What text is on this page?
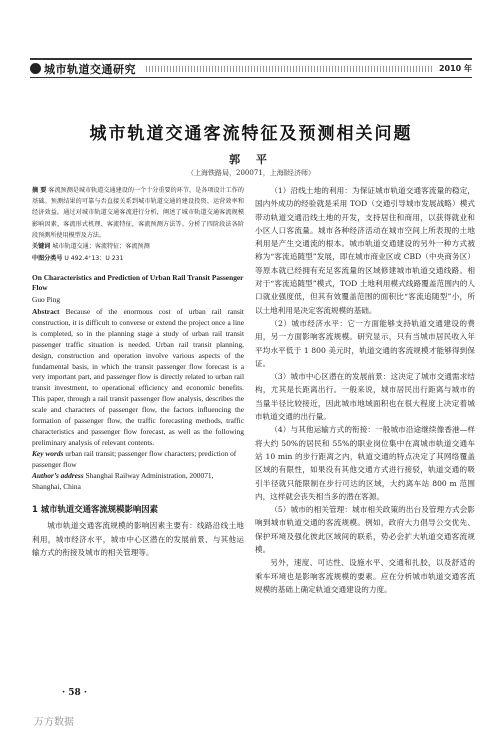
城市轨道交通研究	2010 年
城市轨道交通客流特征及预测相关问题
郭 平
（上海铁路局，200071，上海∥经济师）
摘 要 客流预测是城市轨道交通建设的一个十分重要的环节，是各项设计工作的基础。预测结果的可靠与否直接关系到城市轨道交通的建设投资、运营效率和经济效益。通过对城市轨道交通客流进行分析，阐述了城市轨道交通客流规模影响因素、客流形式机理、客流特征，客流预测方法等。分析了四阶段法各阶段预测所使用模型及方法。
关键词 城市轨道交通；客流特征；客流预测
中图分类号 U 492.4⁺13；U 231
On Characteristics and Prediction of Urban Rail Transit Passenger Flow
Guo Ping
Abstract Because of the enormous cost of urban rail ransit construction, it is difficult to converse or extend the project once a line is completed, so in the planning stage a study of urban rail transit passenger traffic situation is needed. Urban rail transit planning, design, construction and operation involve various aspects of the fundamental basis, in which the transit passenger flow forecast is a very important part, and passenger flow is directly related to urban rail transit investment, to operational efficiency and economic benefits. This paper, through a rail transit passenger flow analysis, describes the scale and characters of passenger flow, the factors influencing the formation of passenger flow, the traffic forecasting methods, traffic characteristics and passenger flow forecast, as well as the following preliminary analysis of relevant contents.
Key words urban rail transit; passenger flow characters; prediction of passenger flow
Author’s address Shanghai Railway Administration, 200071, Shanghai, China
1 城市轨道交通客流规模影响因素
城市轨道交通客流规模的影响因素主要有：线路沿线土地利用，城市经济水平，城市中心区潜在的发展前景、与其他运输方式的衔接及城市的相关管理等。

（1）沿线土地的利用：为保证城市轨道交通客流量的稳定，国内外成功的经验就是采用 TOD（交通引导城市发展战略）模式带动轨道交通沿线土地的开发，支持居住和商用，以获得就业和小区人口客流量。城市各种经济活动在城市空间上所表现的土地利用是产生交通流的根本。城市轨道交通建设的另外一种方式被称为“客流追随型”发展，即在城市商业区或 CBD（中央商务区）等原本就已经拥有充足客流量的区域修建城市轨道交通线路。相对于“客流追随型”模式，TOD 土地利用模式线路覆盖范围内的人口就业强度低，但其有效覆盖范围的面积比“客流追随型”小，所以土地利用是决定客流规模的基础。

（2）城市经济水平：它一方面能够支持轨道交通建设的费用，另一方面影响客流规模。研究显示，只有当城市居民收入年平均水平低于 1 800 美元时，轨道交通的客流规模才能够得到保证。

（3）城市中心区潜在的发展前景：这决定了城市交通需求结构，尤其是长距离出行。一般来说，城市居民出行距离与城市的当量半径比较接近，因此城市地域面积也在很大程度上决定着城市轨道交通的出行量。

（4）与其他运输方式的衔接：一般城市沿途继续像香港—样将大约 50%的居民和 55%的职业岗位集中在离城市轨道交通车站 10 min 的步行距离之内，轨道交通的特点决定了其网络覆盖区域的有限性，如果没有其他交通方式进行接驳，轨道交通的吸引半径就只能限制在步行可达的区域，大约离车站 800 m 范围内，这样就会丧失相当多的潜在客源。

（5）城市的相关管理：城市相关政策的出台及管理方式会影响到城市轨道交通的客流规模。例如，政府大力倡导公交优先、保护环境及强化彼此区域间的联系，势必会扩大轨道交通客流规模。

另外，速度、可达性、设施水平、交通和扎胶，以及舒适的乘车环境也是影响客流规模的要素。应在分析城市轨道交通客流规模的基础上确定轨道交通建设的力度。

· 58 ·
万方数据
